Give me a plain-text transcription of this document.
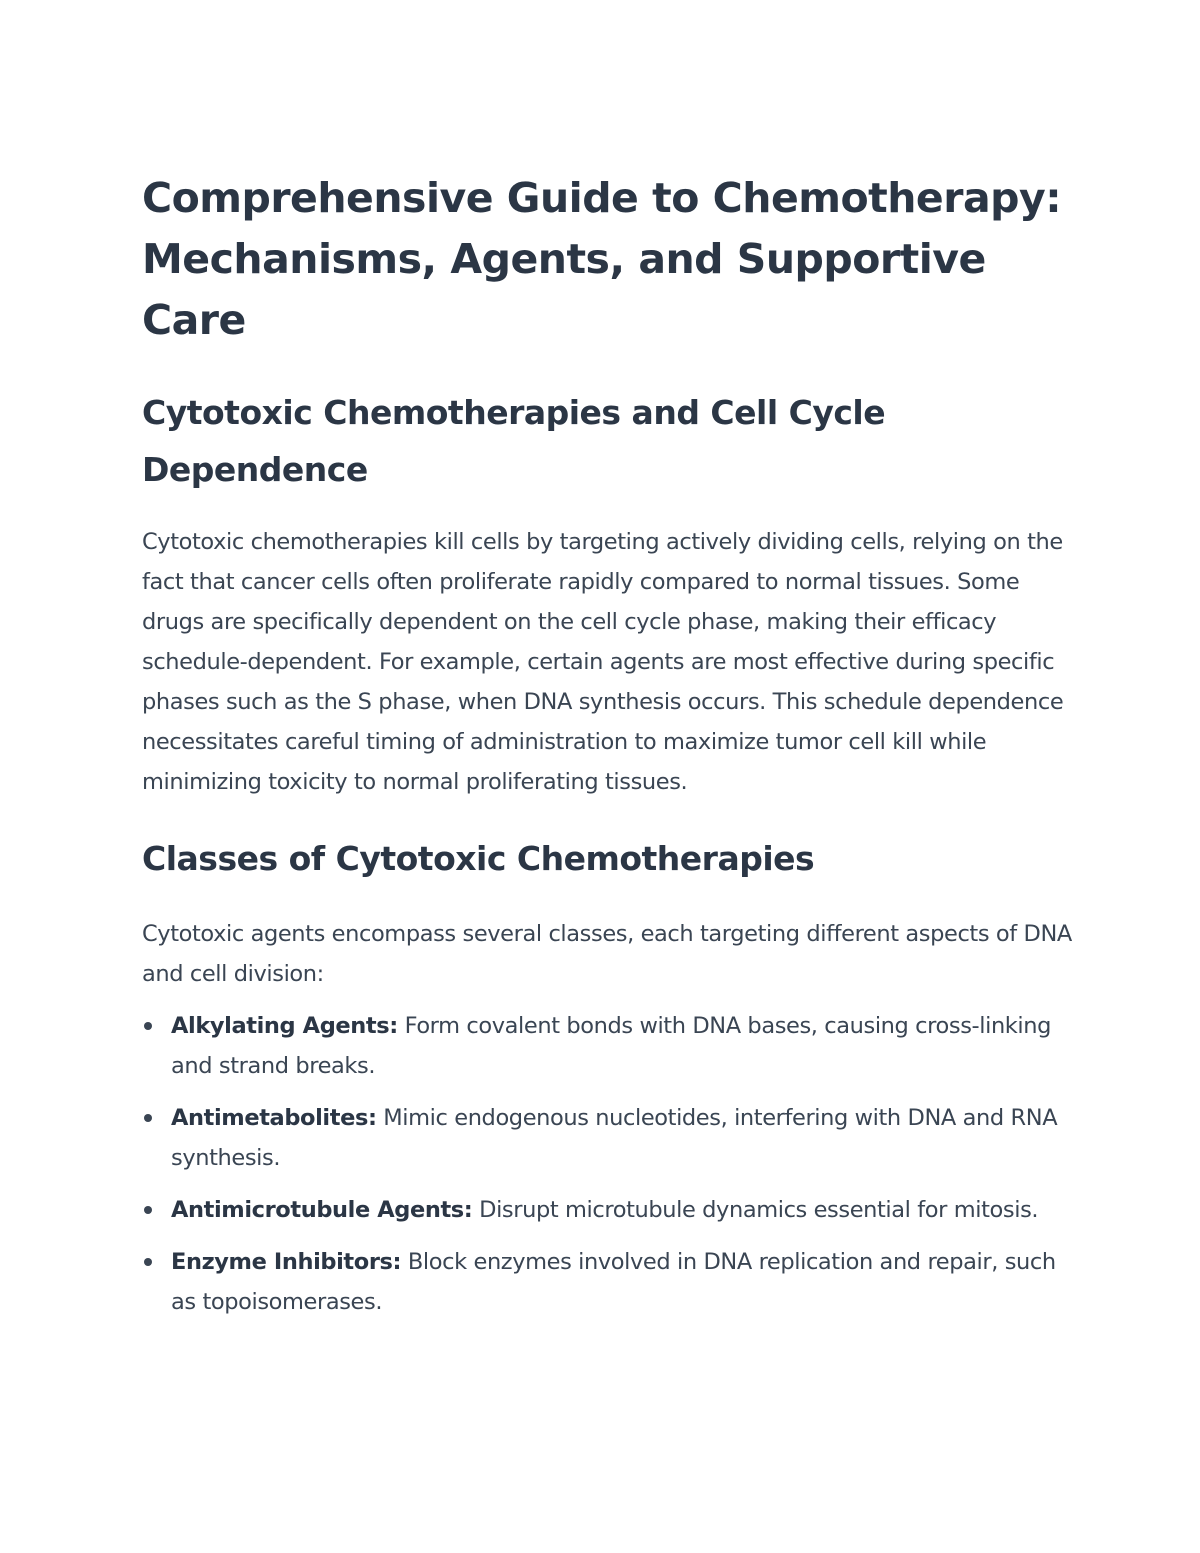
Comprehensive Guide to Chemotherapy: Mechanisms, Agents, and Supportive Care
Cytotoxic Chemotherapies and Cell Cycle Dependence

Cytotoxic chemotherapies kill cells by targeting actively dividing cells, relying on the fact that cancer cells often proliferate rapidly compared to normal tissues. Some drugs are specifically dependent on the cell cycle phase, making their efficacy schedule-dependent. For example, certain agents are most effective during specific phases such as the S phase, when DNA synthesis occurs. This schedule dependence necessitates careful timing of administration to maximize tumor cell kill while minimizing toxicity to normal proliferating tissues.

Classes of Cytotoxic Chemotherapies

Cytotoxic agents encompass several classes, each targeting different aspects of DNA and cell division:

Alkylating Agents: Form covalent bonds with DNA bases, causing cross-linking and strand breaks.
Antimetabolites: Mimic endogenous nucleotides, interfering with DNA and RNA synthesis.
Antimicrotubule Agents: Disrupt microtubule dynamics essential for mitosis.
Enzyme Inhibitors: Block enzymes involved in DNA replication and repair, such as topoisomerases.
